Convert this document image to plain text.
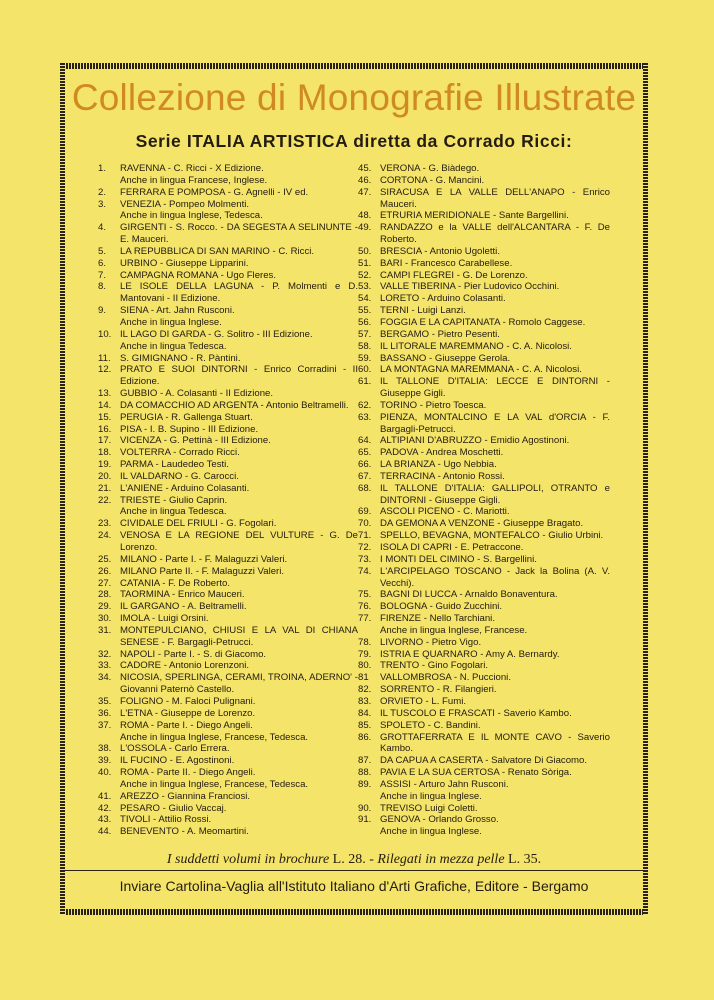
Collezione di Monografie Illustrate
Serie ITALIA ARTISTICA diretta da Corrado Ricci:
1. RAVENNA - C. Ricci - X Edizione.
Anche in lingua Francese, Inglese.
2. FERRARA E POMPOSA - G. Agnelli - IV ed.
3. VENEZIA - Pompeo Molmenti.
Anche in lingua Inglese, Tedesca.
4. GIRGENTI - S. Rocco. - DA SEGESTA A SELINUNTE - E. Mauceri.
5. LA REPUBBLICA DI SAN MARINO - C. Ricci.
6. URBINO - Giuseppe Lipparini.
7. CAMPAGNA ROMANA - Ugo Fleres.
8. LE ISOLE DELLA LAGUNA - P. Molmenti e D. Mantovani - II Edizione.
9. SIENA - Art. Jahn Rusconi.
Anche in lingua Inglese.
10. IL LAGO DI GARDA - G. Solitro - III Edizione.
Anche in lingua Tedesca.
11. S. GIMIGNANO - R. Pàntini.
12. PRATO E SUOI DINTORNI - Enrico Corradini - II Edizione.
13. GUBBIO - A. Colasanti - II Edizione.
14. DA COMACCHIO AD ARGENTA - Antonio Beltramelli.
15. PERUGIA - R. Gallenga Stuart.
16. PISA - I. B. Supino - III Edizione.
17. VICENZA - G. Pettinà - III Edizione.
18. VOLTERRA - Corrado Ricci.
19. PARMA - Laudedeo Testi.
20. IL VALDARNO - G. Carocci.
21. L'ANIENE - Arduino Colasanti.
22. TRIESTE - Giulio Caprin.
Anche in lingua Tedesca.
23. CIVIDALE DEL FRIULI - G. Fogolari.
24. VENOSA E LA REGIONE DEL VULTURE - G. De Lorenzo.
25. MILANO - Parte I. - F. Malaguzzi Valeri.
26. MILANO Parte II. - F. Malaguzzi Valeri.
27. CATANIA - F. De Roberto.
28. TAORMINA - Enrico Mauceri.
29. IL GARGANO - A. Beltramelli.
30. IMOLA - Luigi Orsini.
31. MONTEPULCIANO, CHIUSI E LA VAL DI CHIANA SENESE - F. Bargagli-Petrucci.
32. NAPOLI - Parte I. - S. di Giacomo.
33. CADORE - Antonio Lorenzoni.
34. NICOSIA, SPERLINGA, CERAMI, TROINA, ADERNO' - Giovanni Paternò Castello.
35. FOLIGNO - M. Faloci Pulignani.
36. L'ETNA - Giuseppe de Lorenzo.
37. ROMA - Parte I. - Diego Angeli.
Anche in lingua Inglese, Francese, Tedesca.
38. L'OSSOLA - Carlo Errera.
39. IL FUCINO - E. Agostinoni.
40. ROMA - Parte II. - Diego Angeli.
Anche in lingua Inglese, Francese, Tedesca.
41. AREZZO - Giannina Franciosi.
42. PESARO - Giulio Vaccaj.
43. TIVOLI - Attilio Rossi.
44. BENEVENTO - A. Meomartini.
45. VERONA - G. Biàdego.
46. CORTONA - G. Mancini.
47. SIRACUSA E LA VALLE DELL'ANAPO - Enrico Mauceri.
48. ETRURIA MERIDIONALE - Sante Bargellini.
49. RANDAZZO e la VALLE dell'ALCANTARA - F. De Roberto.
50. BRESCIA - Antonio Ugoletti.
51. BARI - Francesco Carabellese.
52. CAMPI FLEGREI - G. De Lorenzo.
53. VALLE TIBERINA - Pier Ludovico Occhini.
54. LORETO - Arduino Colasanti.
55. TERNI - Luigi Lanzi.
56. FOGGIA E LA CAPITANATA - Romolo Caggese.
57. BERGAMO - Pietro Pesenti.
58. IL LITORALE MAREMMANO - C. A. Nicolosi.
59. BASSANO - Giuseppe Gerola.
60. LA MONTAGNA MAREMMANA - C. A. Nicolosi.
61. IL TALLONE D'ITALIA: LECCE E DINTORNI - Giuseppe Gigli.
62. TORINO - Pietro Toesca.
63. PIENZA, MONTALCINO E LA VAL d'ORCIA - F. Bargagli-Petrucci.
64. ALTIPIANI D'ABRUZZO - Emidio Agostinoni.
65. PADOVA - Andrea Moschetti.
66. LA BRIANZA - Ugo Nebbia.
67. TERRACINA - Antonio Rossi.
68. IL TALLONE D'ITALIA: GALLIPOLI, OTRANTO e DINTORNI - Giuseppe Gigli.
69. ASCOLI PICENO - C. Mariotti.
70. DA GEMONA A VENZONE - Giuseppe Bragato.
71. SPELLO, BEVAGNA, MONTEFALCO - Giulio Urbini.
72. ISOLA DI CAPRI - E. Petraccone.
73. I MONTI DEL CIMINO - S. Bargellini.
74. L'ARCIPELAGO TOSCANO - Jack la Bolina (A. V. Vecchi).
75. BAGNI DI LUCCA - Arnaldo Bonaventura.
76. BOLOGNA - Guido Zucchini.
77. FIRENZE - Nello Tarchiani.
Anche in lingua Inglese, Francese.
78. LIVORNO - Pietro Vigo.
79. ISTRIA E QUARNARO - Amy A. Bernardy.
80. TRENTO - Gino Fogolari.
81 VALLOMBROSA - N. Puccioni.
82. SORRENTO - R. Filangieri.
83. ORVIETO - L. Fumi.
84. IL TUSCOLO E FRASCATI - Saverio Kambo.
85. SPOLETO - C. Bandini.
86. GROTTAFERRATA E IL MONTE CAVO - Saverio Kambo.
87. DA CAPUA A CASERTA - Salvatore Di Giacomo.
88. PAVIA E LA SUA CERTOSA - Renato Sòriga.
89. ASSISI - Arturo Jahn Rusconi.
Anche in lingua Inglese.
90. TREVISO Luigi Coletti.
91. GENOVA - Orlando Grosso.
Anche in lingua Inglese.
I suddetti volumi in brochure L. 28. - Rilegati in mezza pelle L. 35.
Inviare Cartolina-Vaglia all'Istituto Italiano d'Arti Grafiche, Editore - Bergamo
